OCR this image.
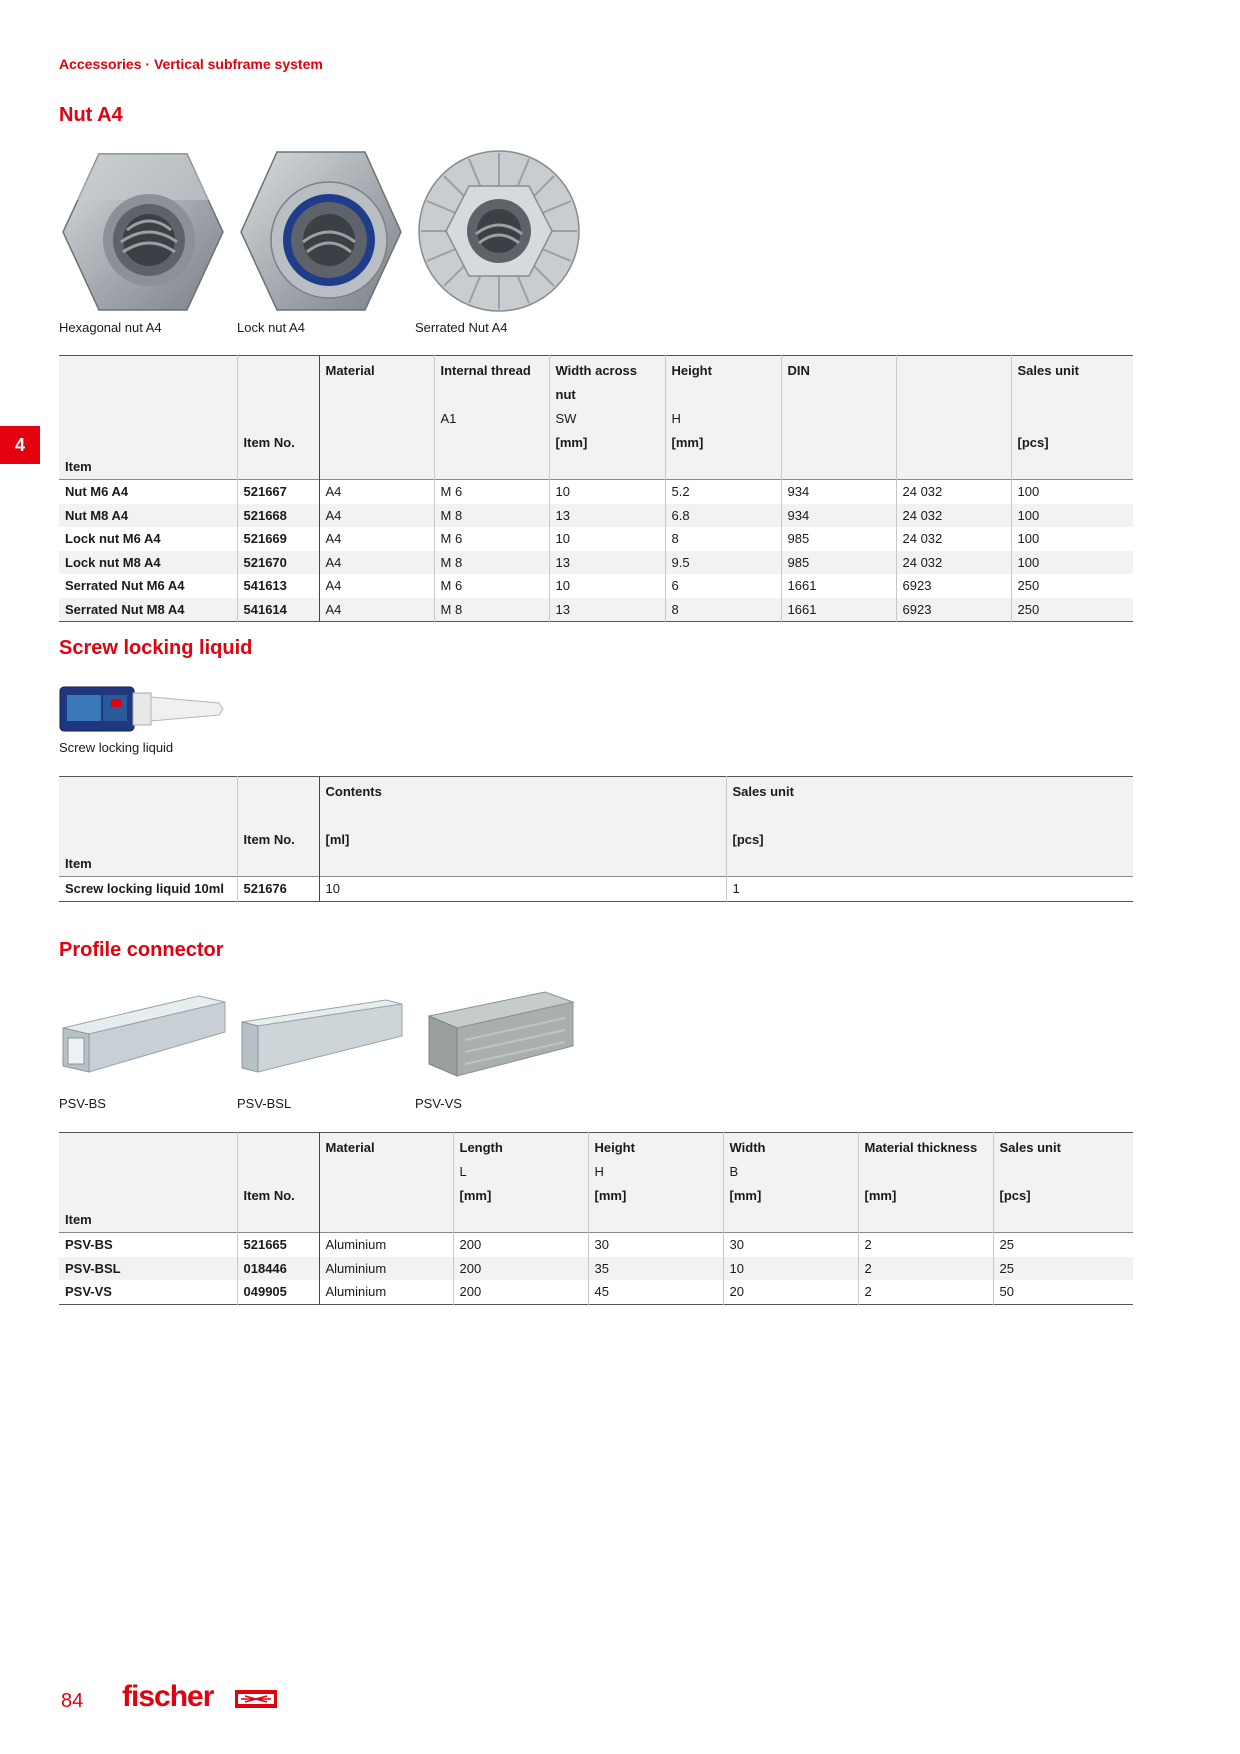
Accessories · Vertical subframe system
4
Nut A4
Hexagonal nut A4	Lock nut A4	Serrated Nut A4
		Material	Internal thread	Width across nut	Height	DIN		Sales unit
			A1	SW	H			
	Item No.			[mm]	[mm]			[pcs]
Item								
Nut M6 A4	521667	A4	M 6	10	5.2	934	24 032	100
Nut M8 A4	521668	A4	M 8	13	6.8	934	24 032	100
Lock nut M6 A4	521669	A4	M 6	10	8	985	24 032	100
Lock nut M8 A4	521670	A4	M 8	13	9.5	985	24 032	100
Serrated Nut M6 A4	541613	A4	M 6	10	6	1661	6923	250
Serrated Nut M8 A4	541614	A4	M 8	13	8	1661	6923	250
Screw locking liquid
Screw locking liquid
		Contents	Sales unit

	Item No.	[ml]	[pcs]
Item			
Screw locking liquid 10ml	521676	10	1
Profile connector
PSV-BS	PSV-BSL	PSV-VS
		Material	Length	Height	Width	Material thickness	Sales unit
			L	H	B		
	Item No.		[mm]	[mm]	[mm]	[mm]	[pcs]
Item							
PSV-BS	521665	Aluminium	200	30	30	2	25
PSV-BSL	018446	Aluminium	200	35	10	2	25
PSV-VS	049905	Aluminium	200	45	20	2	50
84 fischer
